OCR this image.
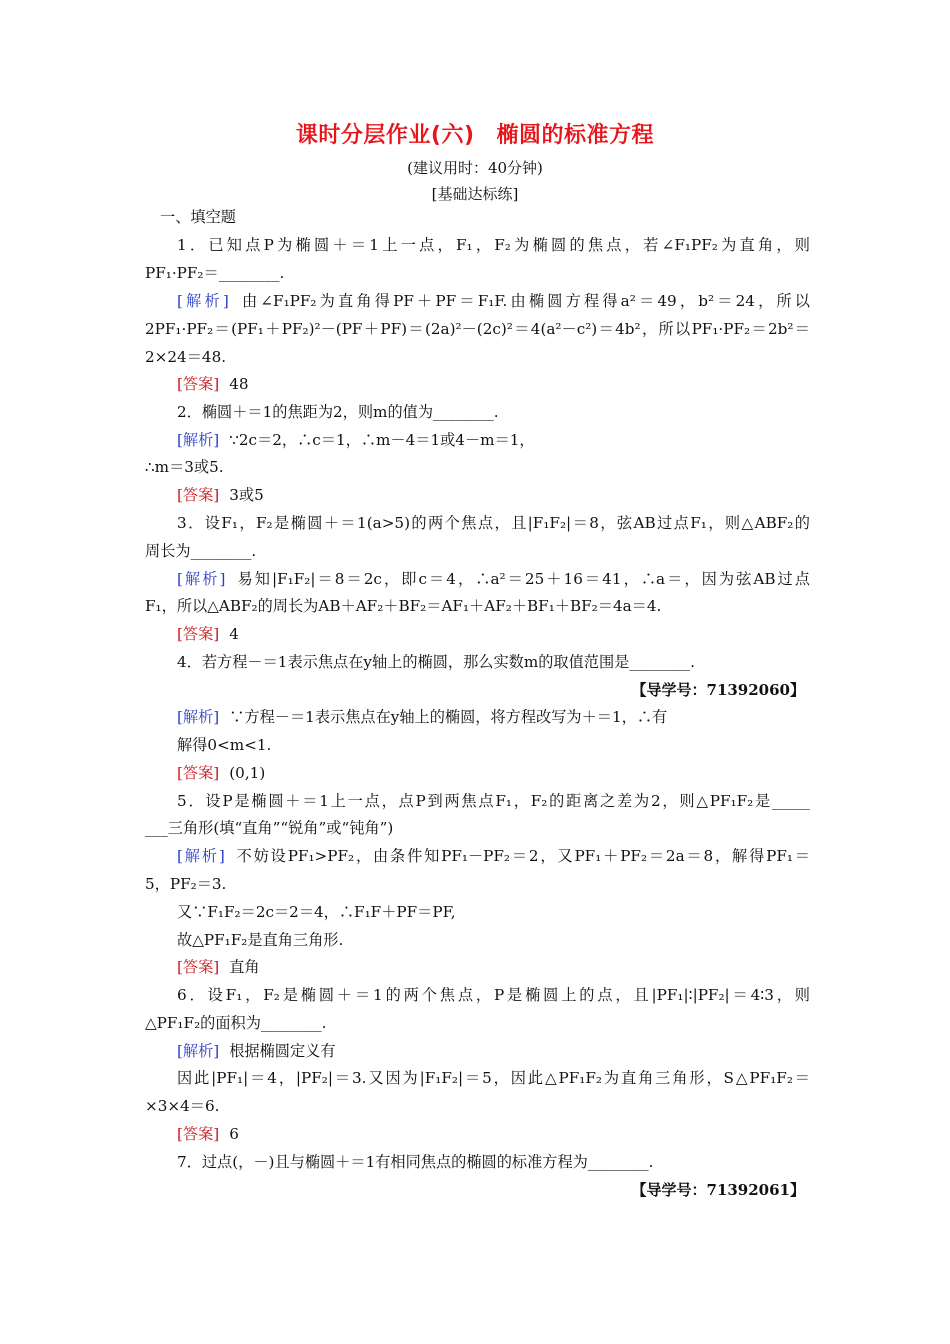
课时分层作业(六) 椭圆的标准方程
(建议用时：40分钟)
[基础达标练]
一、填空题
1．已知点P为椭圆＋＝1上一点，F₁，F₂为椭圆的焦点，若∠F₁PF₂为直角，则
PF₁·PF₂＝________.
[解析] 由∠F₁PF₂为直角得PF＋PF＝F₁F.由椭圆方程得a²＝49，b²＝24，所以
2PF₁·PF₂＝(PF₁＋PF₂)²－(PF＋PF)＝(2a)²－(2c)²＝4(a²－c²)＝4b²，所以PF₁·PF₂＝2b²＝
2×24＝48.
[答案] 48
2．椭圆＋＝1的焦距为2，则m的值为________.
[解析] ∵2c＝2，∴c＝1，∴m－4＝1或4－m＝1，
∴m＝3或5.
[答案] 3或5
3．设F₁，F₂是椭圆＋＝1(a>5)的两个焦点，且|F₁F₂|＝8，弦AB过点F₁，则△ABF₂的
周长为________.
[解析] 易知|F₁F₂|＝8＝2c，即c＝4，∴a²＝25＋16＝41，∴a＝，因为弦AB过点
F₁，所以△ABF₂的周长为AB＋AF₂＋BF₂＝AF₁＋AF₂＋BF₁＋BF₂＝4a＝4.
[答案] 4
4．若方程－＝1表示焦点在y轴上的椭圆，那么实数m的取值范围是________.
【导学号：71392060】
[解析] ∵方程－＝1表示焦点在y轴上的椭圆，将方程改写为＋＝1，∴有
解得0<m<1.
[答案] (0,1)
5．设P是椭圆＋＝1上一点，点P到两焦点F₁，F₂的距离之差为2，则△PF₁F₂是_____
___三角形(填“直角”“锐角”或“钝角”)
[解析] 不妨设PF₁>PF₂，由条件知PF₁－PF₂＝2，又PF₁＋PF₂＝2a＝8，解得PF₁＝
5，PF₂＝3.
又∵F₁F₂＝2c＝2＝4，∴F₁F＋PF＝PF,
故△PF₁F₂是直角三角形.
[答案] 直角
6．设F₁，F₂是椭圆＋＝1的两个焦点，P是椭圆上的点，且|PF₁|∶|PF₂|＝4∶3，则
△PF₁F₂的面积为________.
[解析] 根据椭圆定义有
因此|PF₁|＝4，|PF₂|＝3.又因为|F₁F₂|＝5，因此△PF₁F₂为直角三角形，S△PF₁F₂＝
×3×4＝6.
[答案] 6
7．过点(，－)且与椭圆＋＝1有相同焦点的椭圆的标准方程为________.
【导学号：71392061】
